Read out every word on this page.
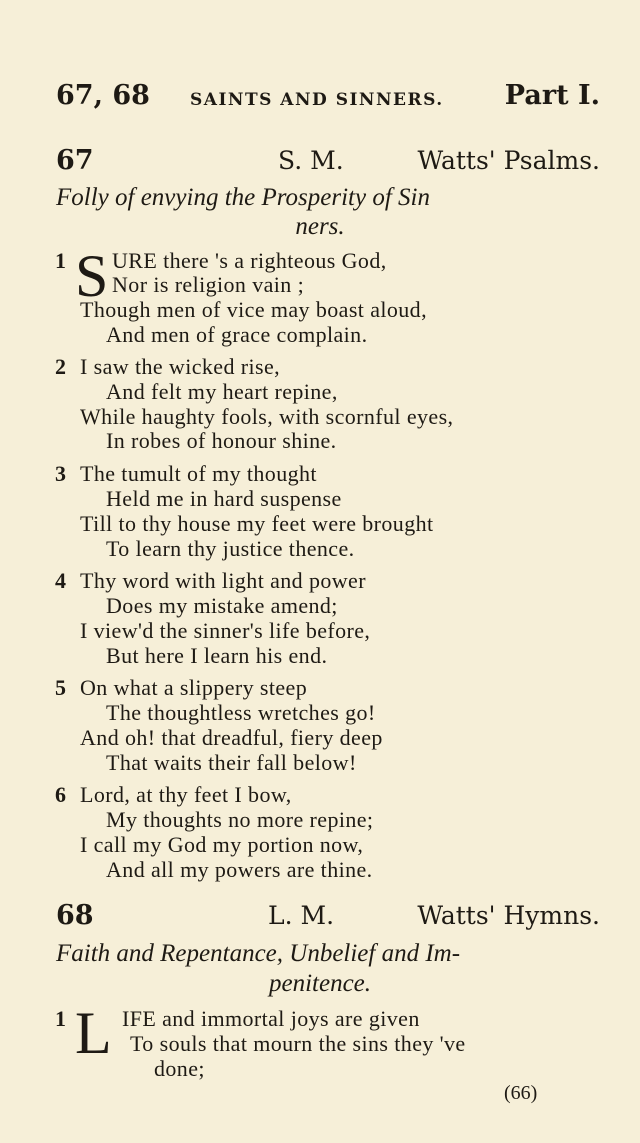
67, 68 SAINTS AND SINNERS. Part I.
67	S. M.	Watts' Psalms.
Folly of envying the Prosperity of Sin
ners.
1 S URE there 's a righteous God,
Nor is religion vain ;
Though men of vice may boast aloud,
And men of grace complain.
2 I saw the wicked rise,
And felt my heart repine,
While haughty fools, with scornful eyes,
In robes of honour shine.
3 The tumult of my thought
Held me in hard suspense
Till to thy house my feet were brought
To learn thy justice thence.
4 Thy word with light and power
Does my mistake amend;
I view'd the sinner's life before,
But here I learn his end.
5 On what a slippery steep
The thoughtless wretches go!
And oh! that dreadful, fiery deep
That waits their fall below!
6 Lord, at thy feet I bow,
My thoughts no more repine;
I call my God my portion now,
And all my powers are thine.
68	L. M.	Watts' Hymns.
Faith and Repentance, Unbelief and Im-
penitence.
1 L IFE and immortal joys are given
To souls that mourn the sins they 've
done;
(66)
